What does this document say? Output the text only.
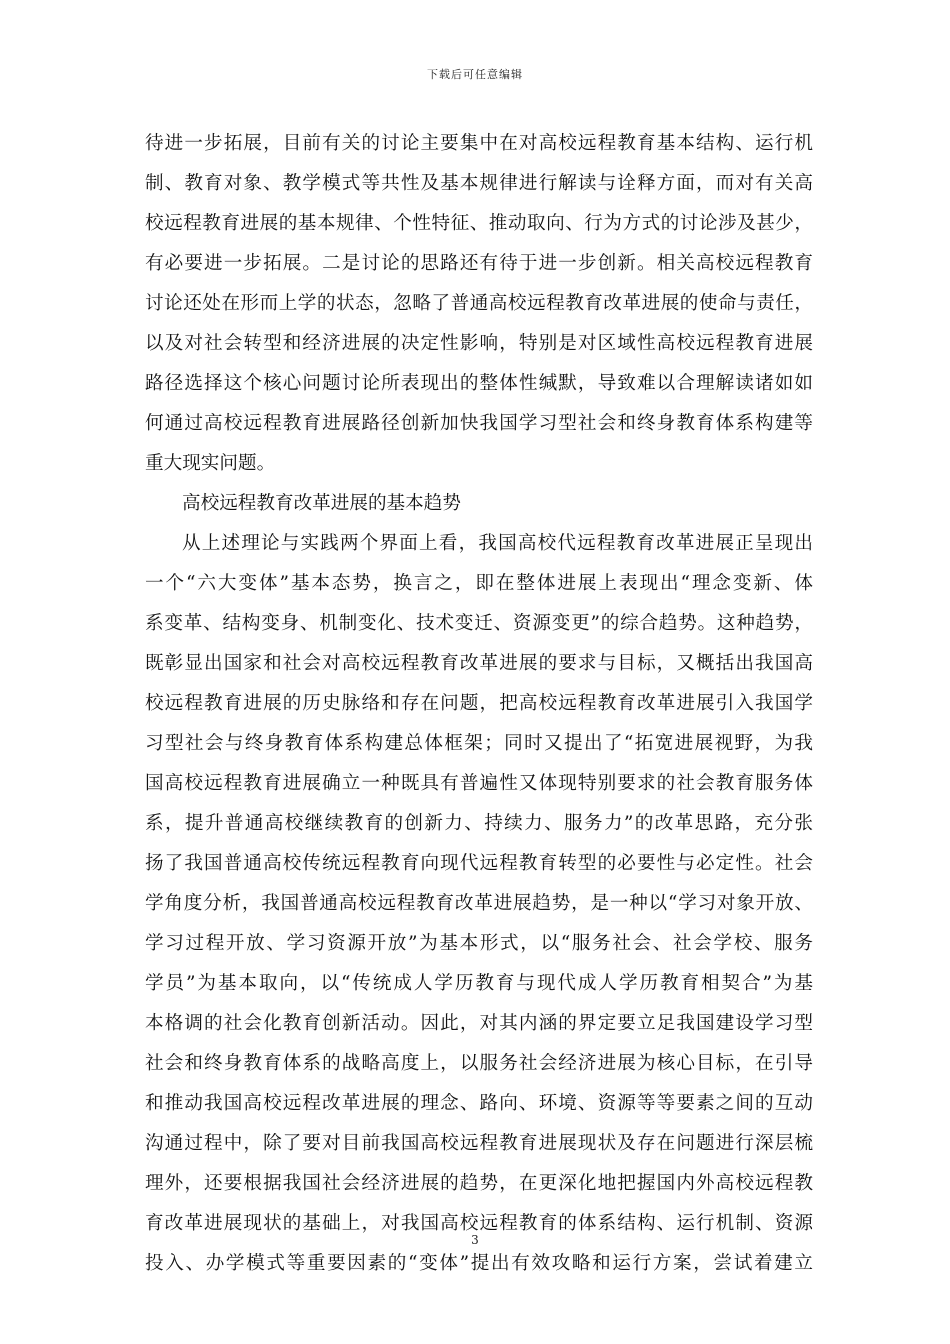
下载后可任意编辑
待进一步拓展，目前有关的讨论主要集中在对高校远程教育基本结构、运行机
制、教育对象、教学模式等共性及基本规律进行解读与诠释方面，而对有关高
校远程教育进展的基本规律、个性特征、推动取向、行为方式的讨论涉及甚少，
有必要进一步拓展。二是讨论的思路还有待于进一步创新。相关高校远程教育
讨论还处在形而上学的状态，忽略了普通高校远程教育改革进展的使命与责任，
以及对社会转型和经济进展的决定性影响，特别是对区域性高校远程教育进展
路径选择这个核心问题讨论所表现出的整体性缄默，导致难以合理解读诸如如
何通过高校远程教育进展路径创新加快我国学习型社会和终身教育体系构建等
重大现实问题。
高校远程教育改革进展的基本趋势
从上述理论与实践两个界面上看，我国高校代远程教育改革进展正呈现出
一个“六大变体”基本态势，换言之，即在整体进展上表现出“理念变新、体
系变革、结构变身、机制变化、技术变迁、资源变更”的综合趋势。这种趋势，
既彰显出国家和社会对高校远程教育改革进展的要求与目标，又概括出我国高
校远程教育进展的历史脉络和存在问题，把高校远程教育改革进展引入我国学
习型社会与终身教育体系构建总体框架；同时又提出了“拓宽进展视野，为我
国高校远程教育进展确立一种既具有普遍性又体现特别要求的社会教育服务体
系，提升普通高校继续教育的创新力、持续力、服务力”的改革思路，充分张
扬了我国普通高校传统远程教育向现代远程教育转型的必要性与必定性。社会
学角度分析，我国普通高校远程教育改革进展趋势，是一种以“学习对象开放、
学习过程开放、学习资源开放”为基本形式，以“服务社会、社会学校、服务
学员”为基本取向，以“传统成人学历教育与现代成人学历教育相契合”为基
本格调的社会化教育创新活动。因此，对其内涵的界定要立足我国建设学习型
社会和终身教育体系的战略高度上，以服务社会经济进展为核心目标，在引导
和推动我国高校远程改革进展的理念、路向、环境、资源等等要素之间的互动
沟通过程中，除了要对目前我国高校远程教育进展现状及存在问题进行深层梳
理外，还要根据我国社会经济进展的趋势，在更深化地把握国内外高校远程教
育改革进展现状的基础上，对我国高校远程教育的体系结构、运行机制、资源
投入、办学模式等重要因素的“变体”提出有效攻略和运行方案，尝试着建立
3
